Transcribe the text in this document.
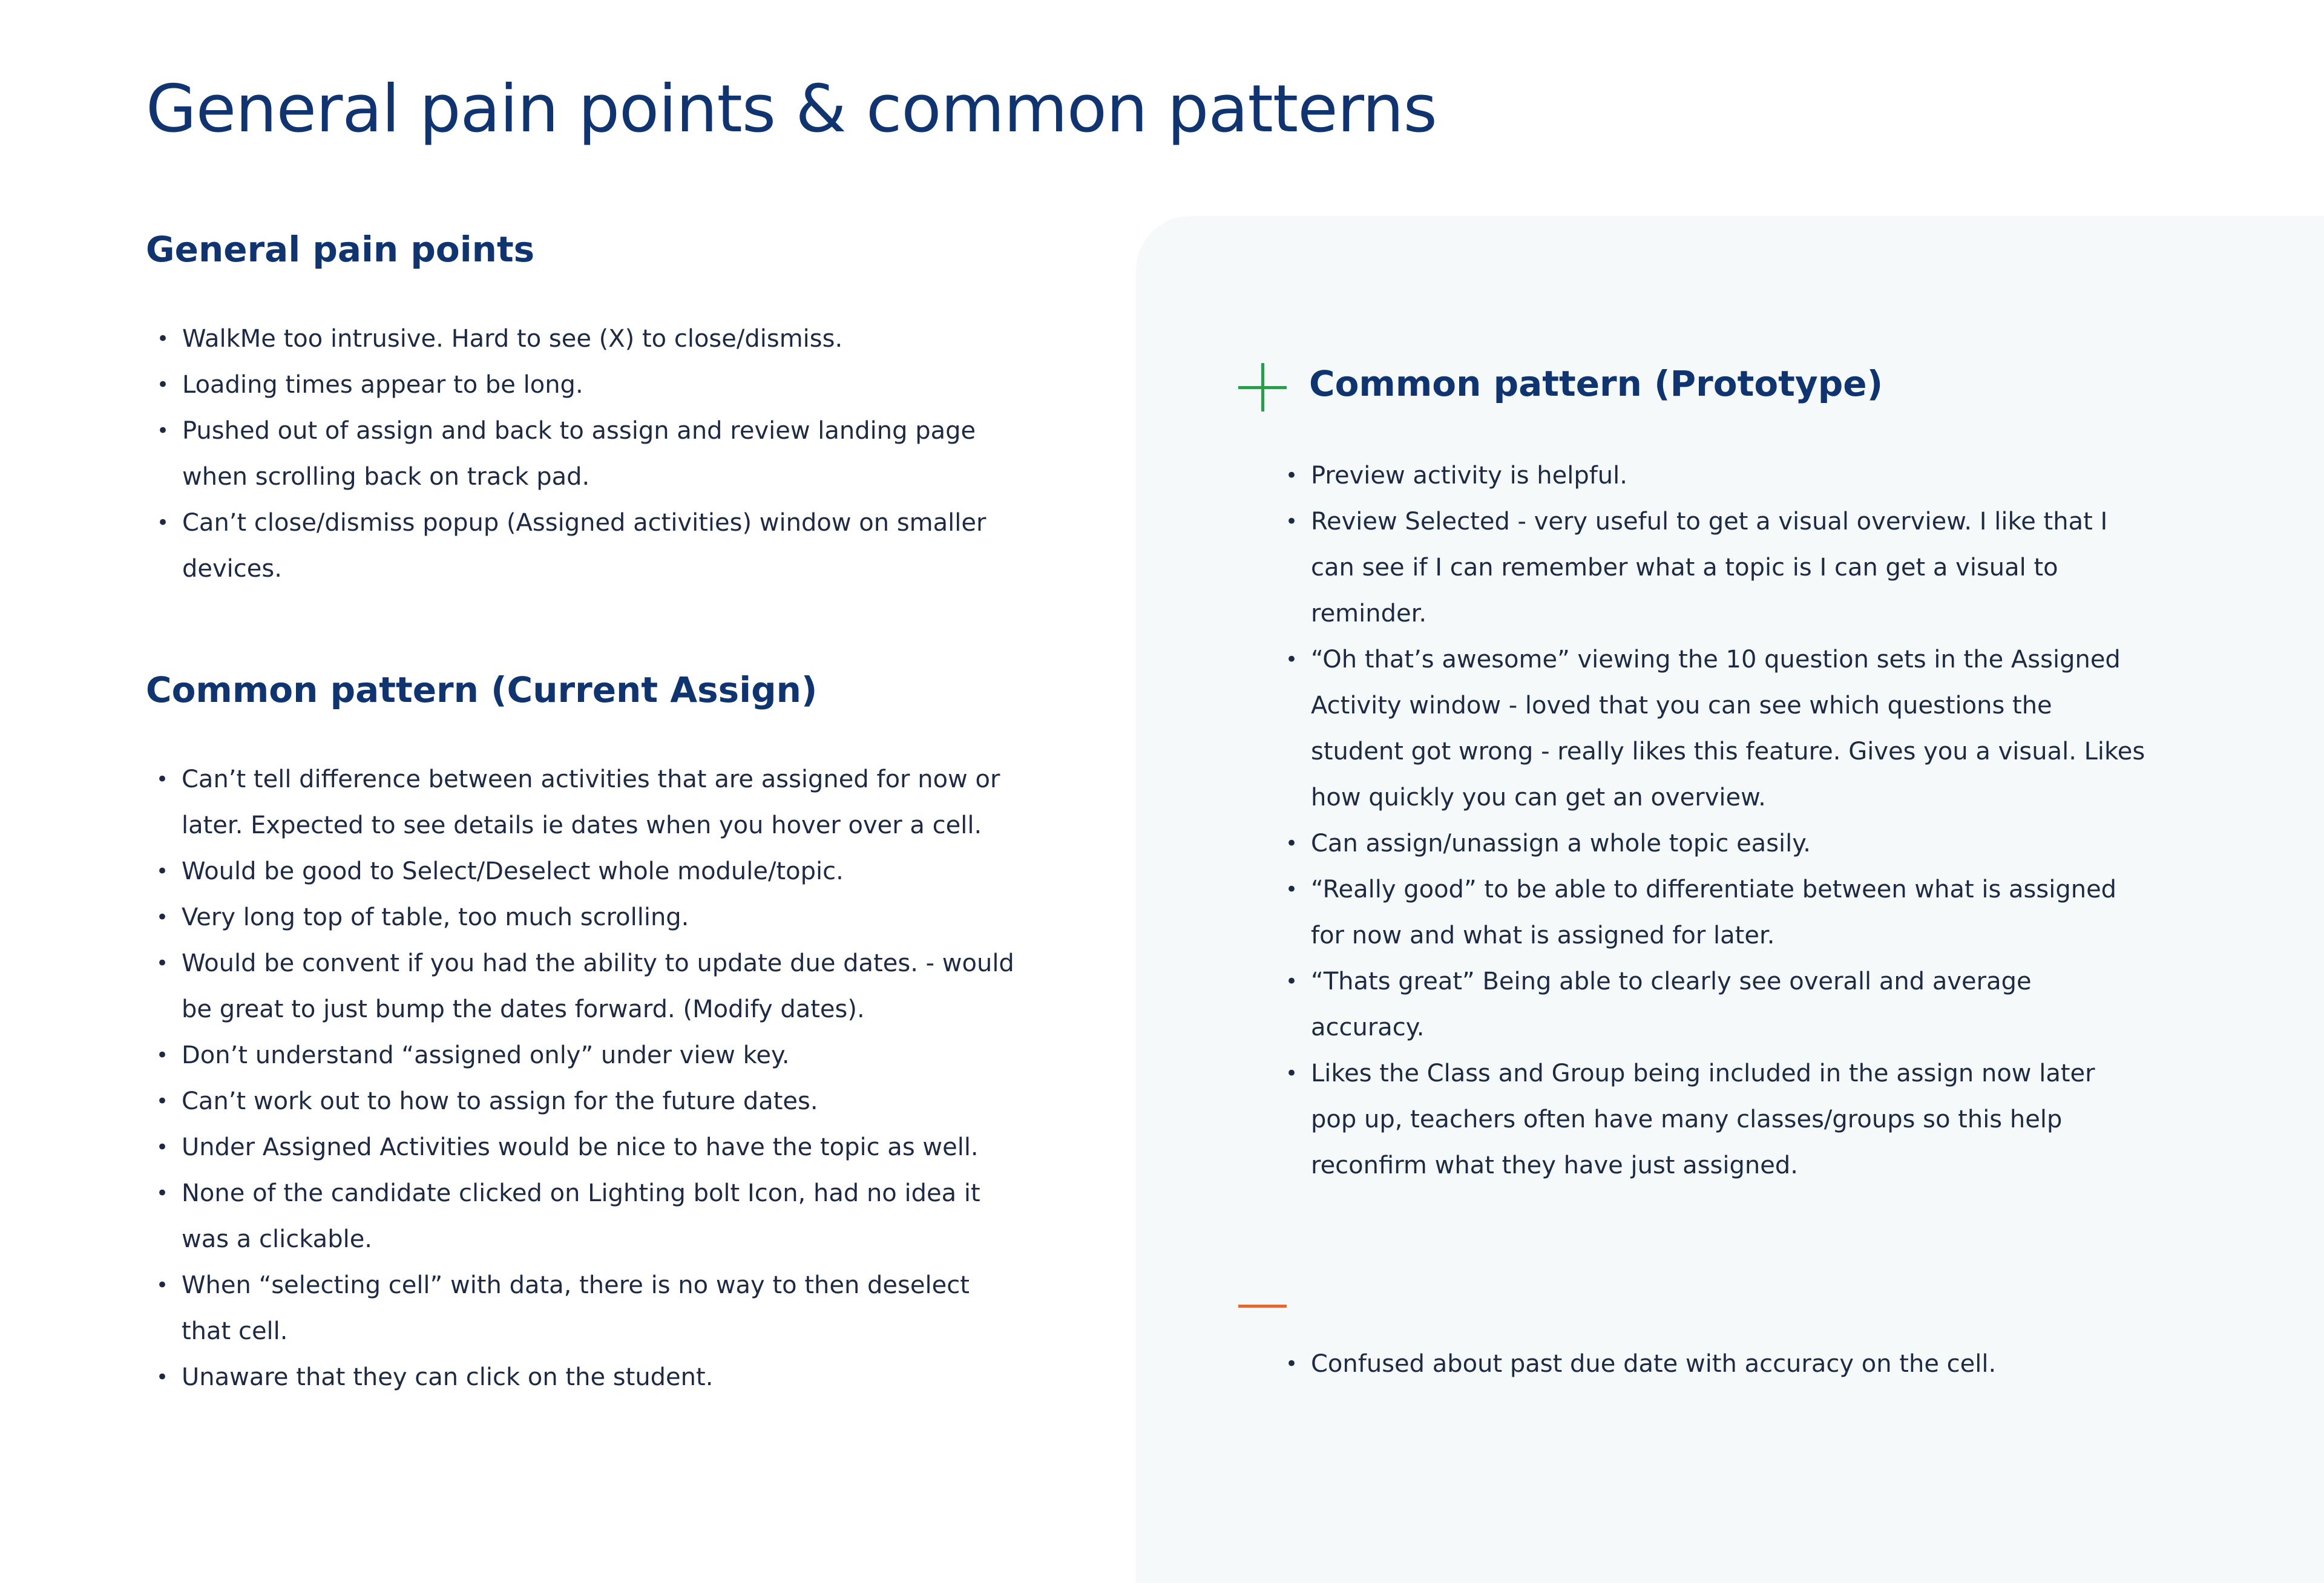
General pain points & common patterns
General pain points
• WalkMe too intrusive. Hard to see (X) to close/dismiss.
• Loading times appear to be long.
• Pushed out of assign and back to assign and review landing page when scrolling back on track pad.
• Can’t close/dismiss popup (Assigned activities) window on smaller devices.
Common pattern (Current Assign)
• Can’t tell difference between activities that are assigned for now or later. Expected to see details ie dates when you hover over a cell.
• Would be good to Select/Deselect whole module/topic.
• Very long top of table, too much scrolling.
• Would be convent if you had the ability to update due dates. - would be great to just bump the dates forward. (Modify dates).
• Don’t understand “assigned only” under view key.
• Can’t work out to how to assign for the future dates.
• Under Assigned Activities would be nice to have the topic as well.
• None of the candidate clicked on Lighting bolt Icon, had no idea it was a clickable.
• When “selecting cell” with data, there is no way to then deselect that cell.
• Unaware that they can click on the student.
Common pattern (Prototype)
• Preview activity is helpful.
• Review Selected - very useful to get a visual overview. I like that I can see if I can remember what a topic is I can get a visual to reminder.
• “Oh that’s awesome” viewing the 10 question sets in the Assigned Activity window - loved that you can see which questions the student got wrong - really likes this feature. Gives you a visual. Likes how quickly you can get an overview.
• Can assign/unassign a whole topic easily.
• “Really good” to be able to differentiate between what is assigned for now and what is assigned for later.
• “Thats great” Being able to clearly see overall and average accuracy.
• Likes the Class and Group being included in the assign now later pop up, teachers often have many classes/groups so this help reconfirm what they have just assigned.
• Confused about past due date with accuracy on the cell.
